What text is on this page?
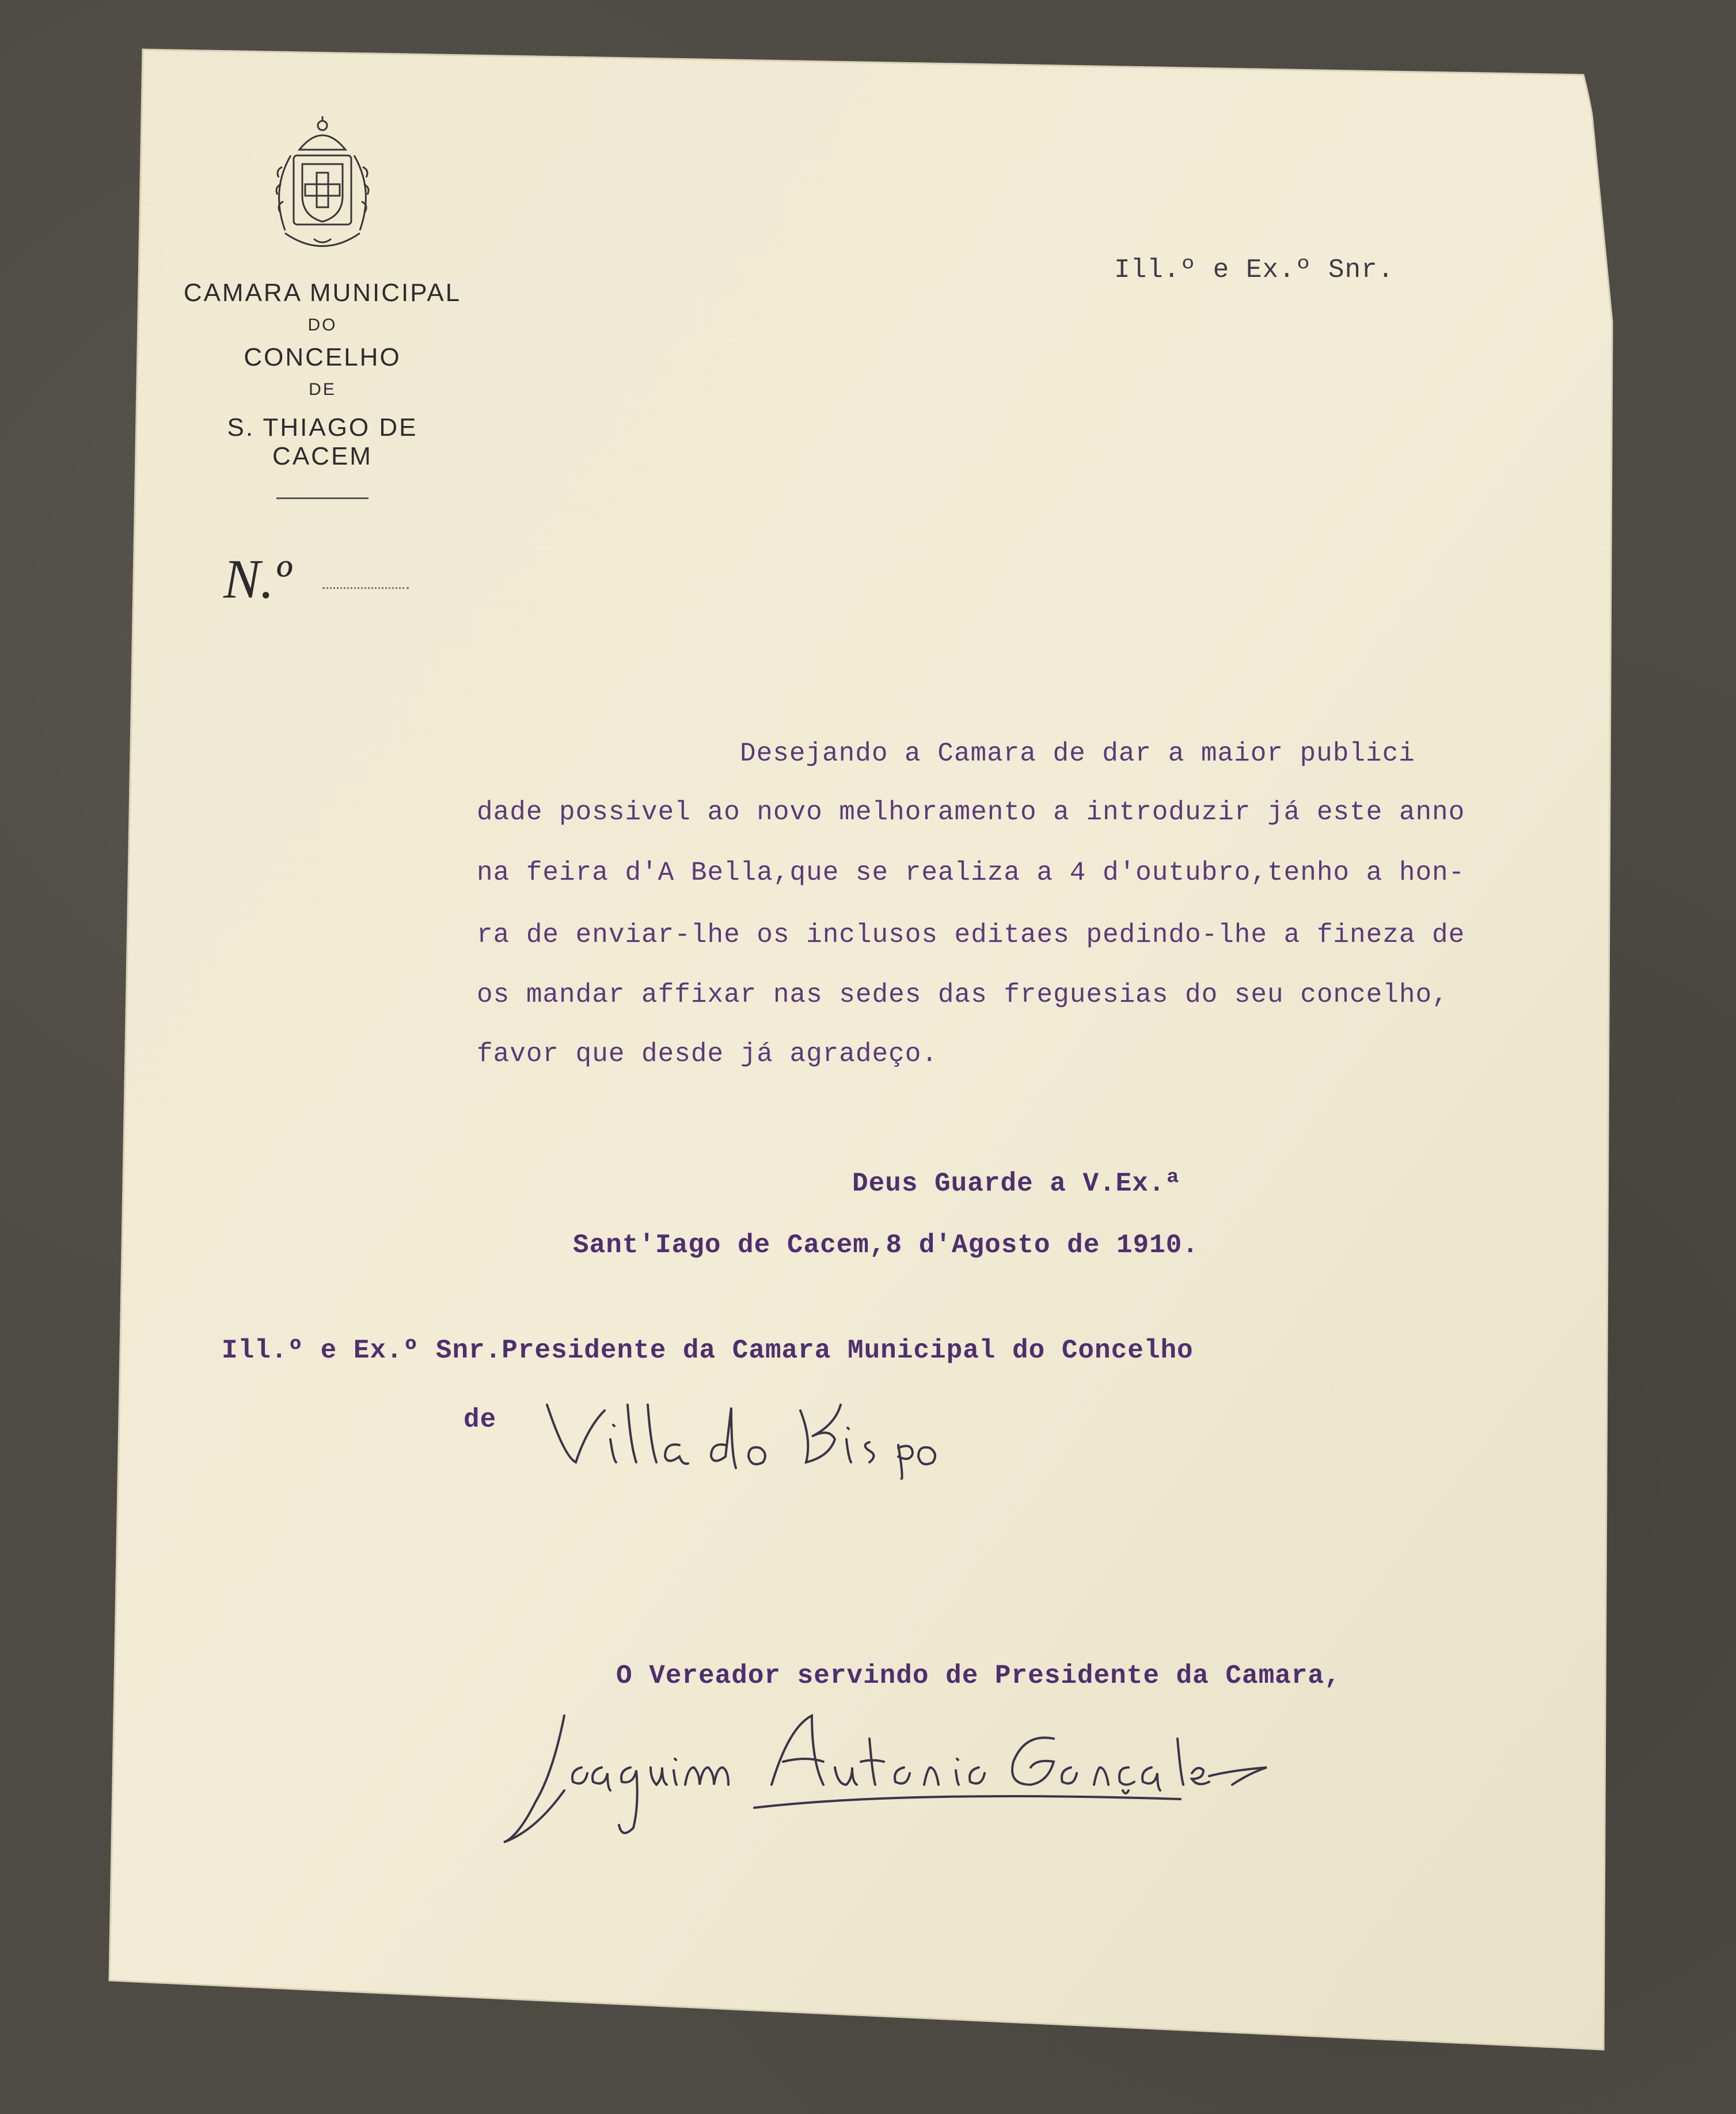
CAMARA MUNICIPAL
DO
CONCELHO
DE
S. THIAGO DE CACEM
N.º
Ill.º e Ex.º Snr.
Desejando a Camara de dar a maior publici
dade possivel ao novo melhoramento a introduzir já este anno
na feira d'A Bella,que se realiza a 4 d'outubro,tenho a hon-
ra de enviar-lhe os inclusos editaes pedindo-lhe a fineza de
os mandar affixar nas sedes das freguesias do seu concelho,
favor que desde já agradeço.
Deus Guarde a V.Ex.ª
Sant'Iago de Cacem,8 d'Agosto de 1910.
Ill.º e Ex.º Snr.Presidente da Camara Municipal do Concelho
de
O Vereador servindo de Presidente da Camara,
